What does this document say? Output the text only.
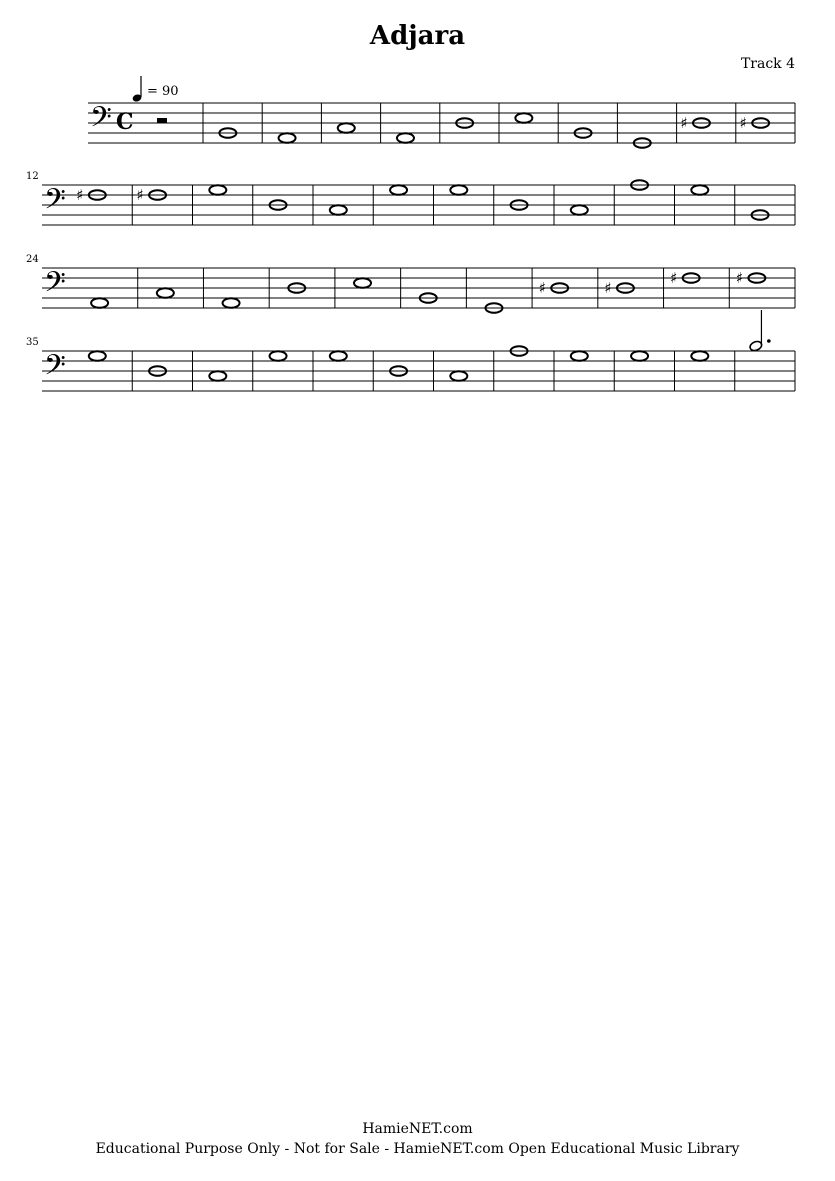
Adjara
Track 4
= 90
𝄢 C	♯	♯
𝄢
12
♯	♯
𝄢
24
♯	♯
♯	♯
𝄢
35
HamieNET.com
Educational Purpose Only - Not for Sale - HamieNET.com Open Educational Music Library
